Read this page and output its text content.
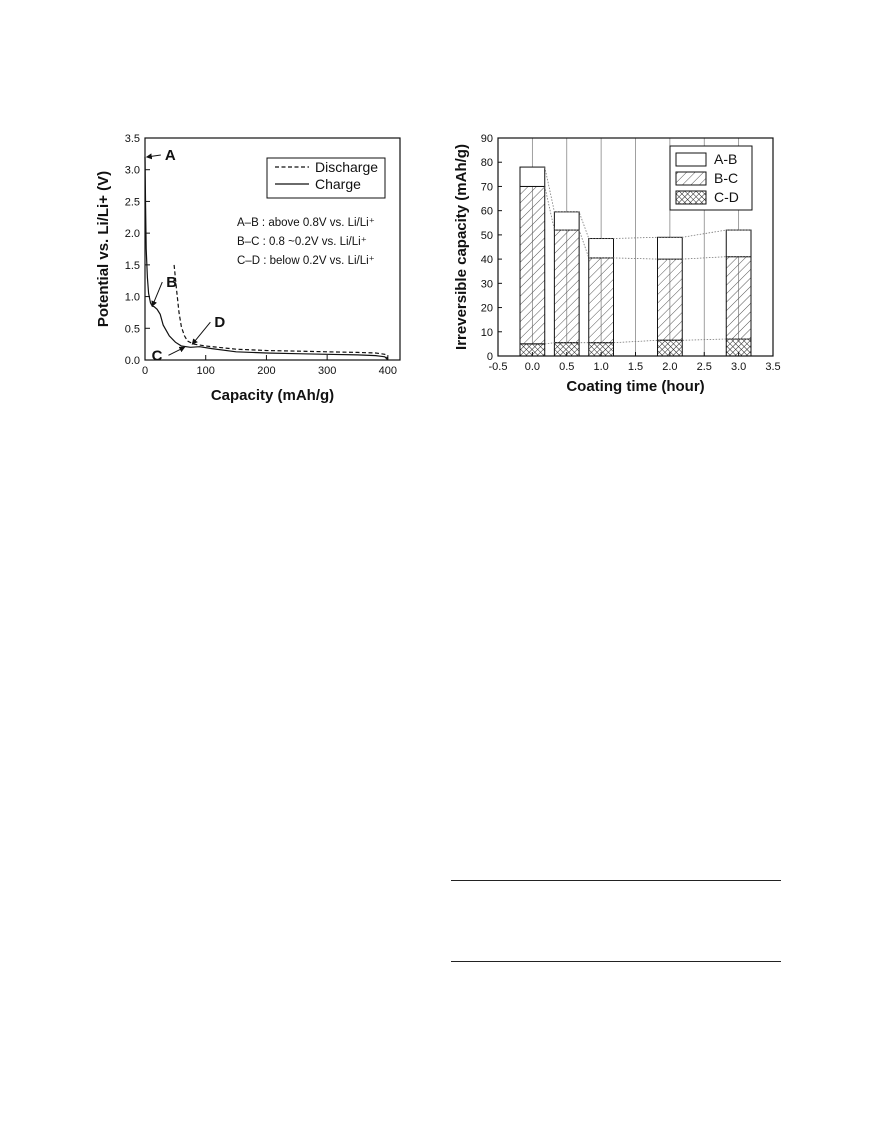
0.0
0.5
1.0
1.5
2.0
2.5
3.0
3.5
0	100	200	300	400
Capacity (mAh/g)
Potential vs. Li/Li+ (V)
A
B
C
D
Discharge
Charge
A–B : above 0.8V vs. Li/Li⁺
B–C : 0.8 ~0.2V vs. Li/Li⁺
C–D : below 0.2V vs. Li/Li⁺
0
10
20
30
40
50
60
70
80
90
-0.5 0.0 0.5 1.0 1.5 2.0 2.5 3.0 3.5
Coating time (hour)
Irreversible capacity (mAh/g)	A-B
B-C
C-D
